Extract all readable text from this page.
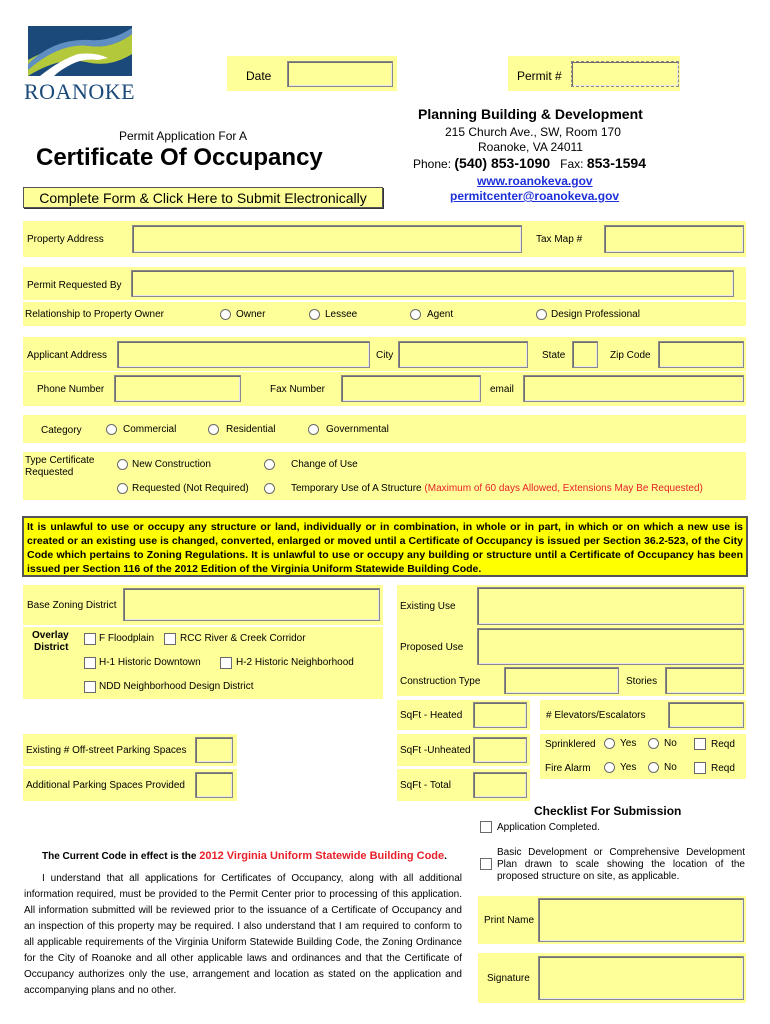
ROANOKE
Date	Permit #
Permit Application For A
Certificate Of Occupancy
Complete Form & Click Here to Submit Electronically
Planning Building & Development
215 Church Ave., SW, Room 170
Roanoke, VA 24011
Phone: (540) 853-1090 Fax: 853-1594
www.roanokeva.gov
permitcenter@roanokeva.gov
Property Address	Tax Map #
Permit Requested By
Relationship to Property Owner	Owner	Lessee	Agent	Design Professional
Applicant Address	City	State	Zip Code
Phone Number	Fax Number	email
Category	Commercial	Residential	Governmental
Type Certificate
Requested
New Construction	Change of Use
Requested (Not Required)	Temporary Use of A Structure (Maximum of 60 days Allowed, Extensions May Be Requested)
It is unlawful to use or occupy any structure or land, individually or in combination, in whole or in part, in which or on which a new use is created or an existing use is changed, converted, enlarged or moved until a Certificate of Occupancy is issued per Section 36.2-523, of the City Code which pertains to Zoning Regulations. It is unlawful to use or occupy any building or structure until a Certificate of Occupancy has been issued per Section 116 of the 2012 Edition of the Virginia Uniform Statewide Building Code.
Base Zoning District
Overlay
District
F Floodplain	RCC River & Creek Corridor
H-1 Historic Downtown	H-2 Historic Neighborhood
NDD Neighborhood Design District
Existing # Off-street Parking Spaces
Additional Parking Spaces Provided
Existing Use
Proposed Use
Construction Type	Stories
SqFt - Heated	# Elevators/Escalators
SqFt -Unheated
Sprinklered Yes	No	Reqd
Fire Alarm	Yes	No	Reqd
SqFt - Total
Checklist For Submission
Application Completed.
Basic Development or Comprehensive Development Plan drawn to scale showing the location of the proposed structure on site, as applicable.
Print Name
Signature
The Current Code in effect is the 2012 Virginia Uniform Statewide Building Code.
I understand that all applications for Certificates of Occupancy, along with all additional information required, must be provided to the Permit Center prior to processing of this application. All information submitted will be reviewed prior to the issuance of a Certificate of Occupancy and an inspection of this property may be required. I also understand that I am required to conform to all applicable requirements of the Virginia Uniform Statewide Building Code, the Zoning Ordinance for the City of Roanoke and all other applicable laws and ordinances and that the Certificate of Occupancy authorizes only the use, arrangement and location as stated on the application and accompanying plans and no other.
